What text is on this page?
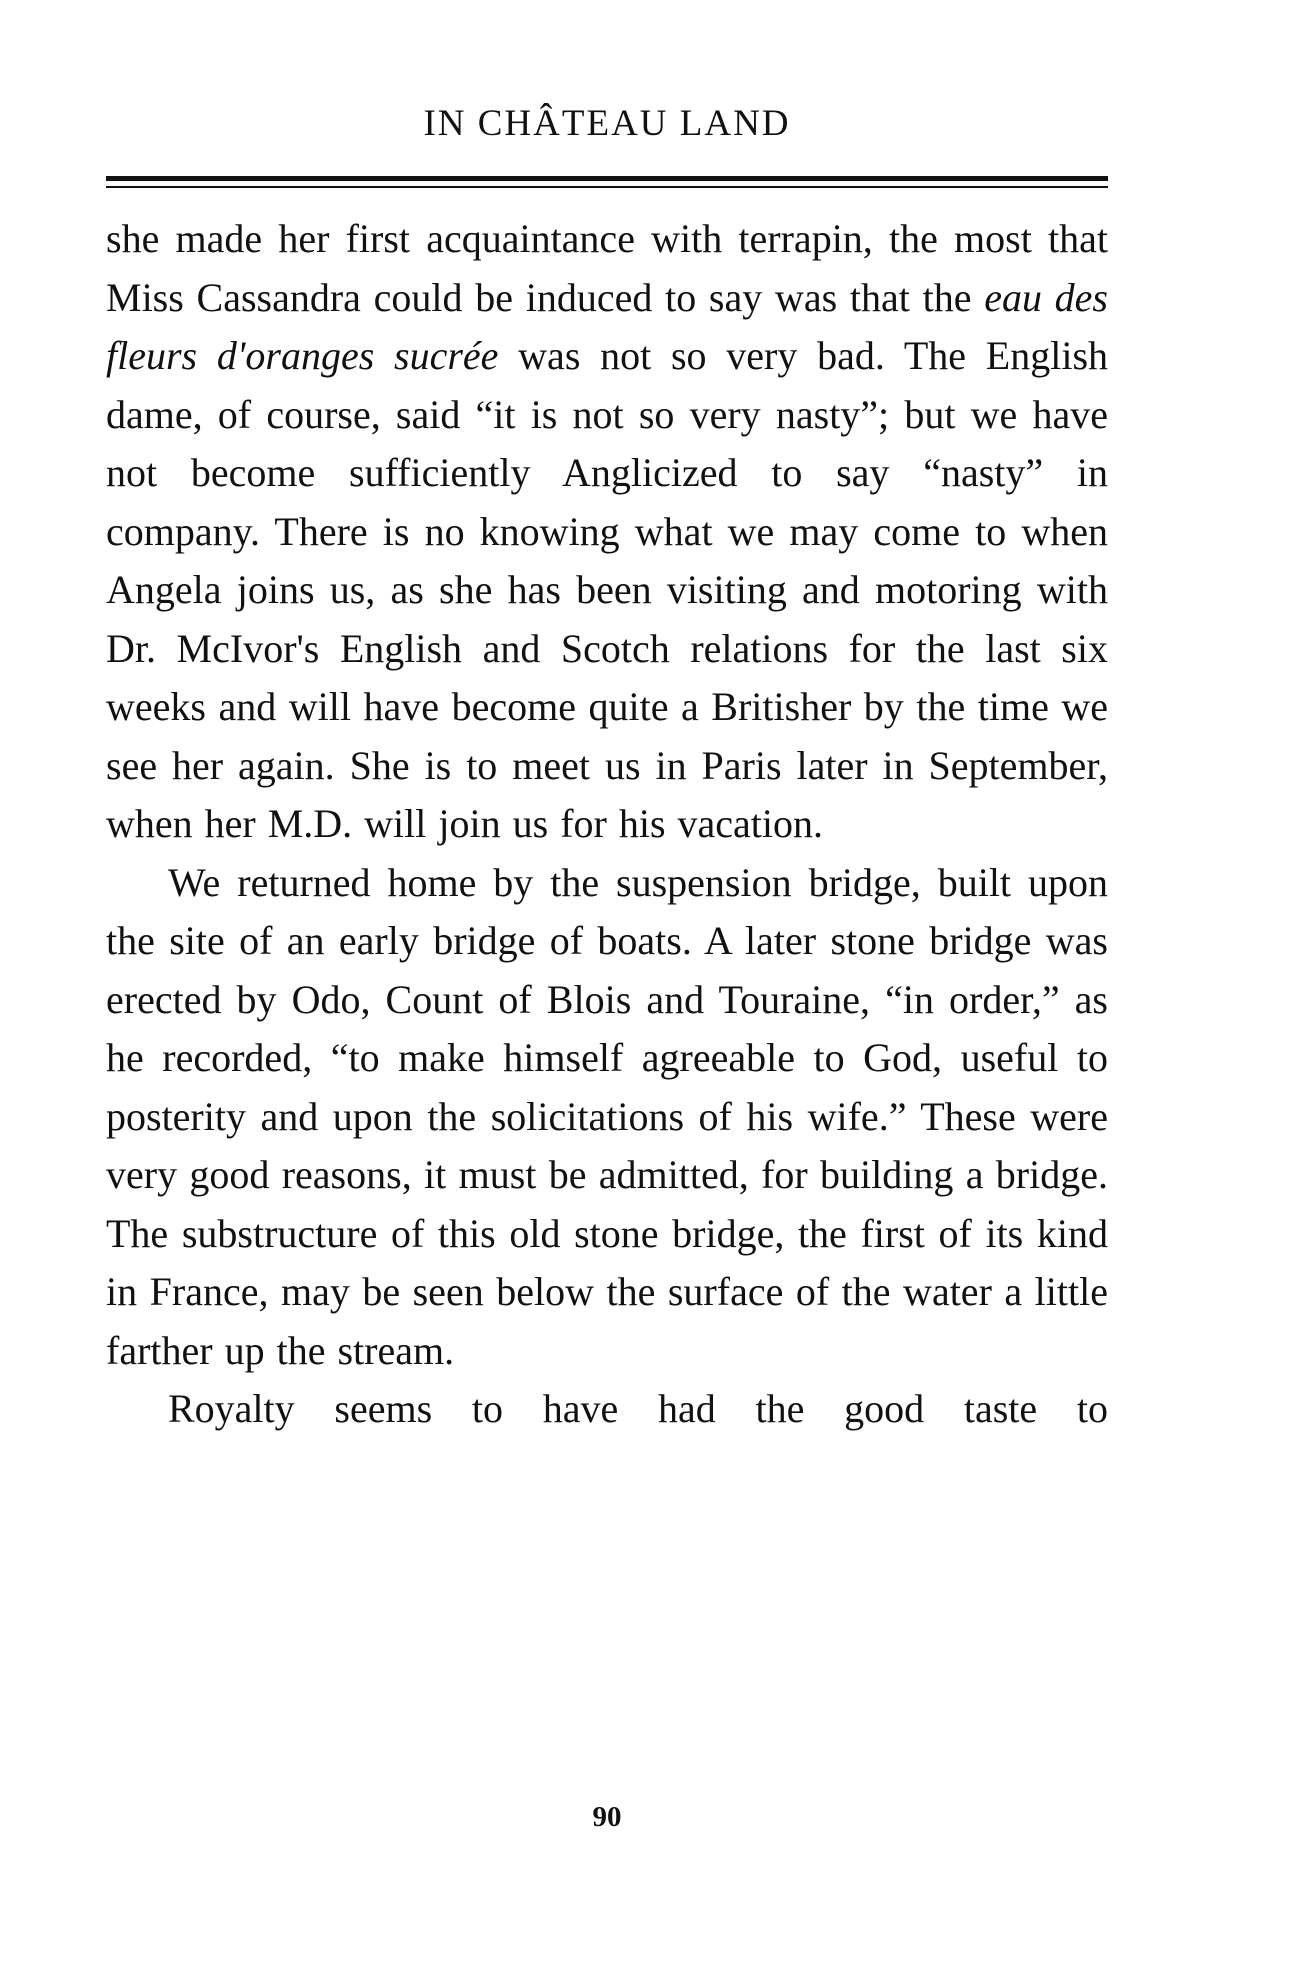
IN CHÂTEAU LAND

she made her first acquaintance with terrapin, the most that Miss Cassandra could be induced to say was that the eau des fleurs d'oranges sucrée was not so very bad. The English dame, of course, said “it is not so very nasty”; but we have not become sufficiently Anglicized to say “nasty” in company. There is no knowing what we may come to when Angela joins us, as she has been visiting and motoring with Dr. McIvor's English and Scotch relations for the last six weeks and will have become quite a Britisher by the time we see her again. She is to meet us in Paris later in September, when her M.D. will join us for his vacation.

We returned home by the suspension bridge, built upon the site of an early bridge of boats. A later stone bridge was erected by Odo, Count of Blois and Touraine, “in order,” as he recorded, “to make himself agreeable to God, useful to posterity and upon the solicitations of his wife.” These were very good reasons, it must be admitted, for building a bridge. The substructure of this old stone bridge, the first of its kind in France, may be seen below the surface of the water a little farther up the stream.

Royalty seems to have had the good taste to

90
